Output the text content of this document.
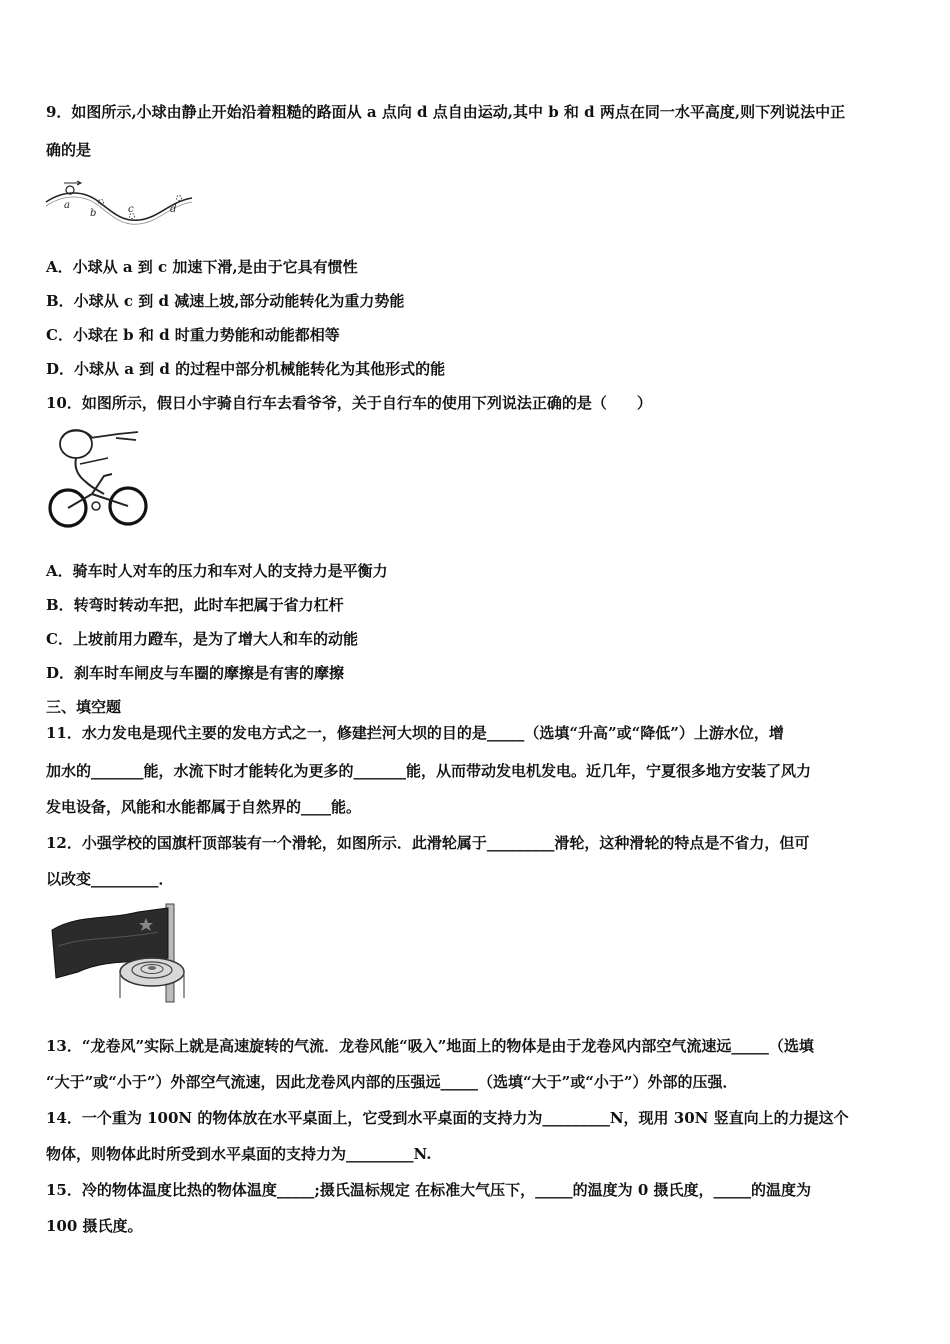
9．如图所示,小球由静止开始沿着粗糙的路面从 a 点向 d 点自由运动,其中 b 和 d 两点在同一水平高度,则下列说法中正
确的是
a
b	c	d
A．小球从 a 到 c 加速下滑,是由于它具有惯性
B．小球从 c 到 d 减速上坡,部分动能转化为重力势能
C．小球在 b 和 d 时重力势能和动能都相等
D．小球从 a 到 d 的过程中部分机械能转化为其他形式的能
10．如图所示，假日小宇骑自行车去看爷爷，关于自行车的使用下列说法正确的是（　　）
A．骑车时人对车的压力和车对人的支持力是平衡力
B．转弯时转动车把，此时车把属于省力杠杆
C．上坡前用力蹬车，是为了增大人和车的动能
D．刹车时车闸皮与车圈的摩擦是有害的摩擦
三、填空题
11．水力发电是现代主要的发电方式之一，修建拦河大坝的目的是_____（选填“升高”或“降低”）上游水位，增
加水的_______能，水流下时才能转化为更多的_______能，从而带动发电机发电。近几年，宁夏很多地方安装了风力
发电设备，风能和水能都属于自然界的____能。
12．小强学校的国旗杆顶部装有一个滑轮，如图所示．此滑轮属于_________滑轮，这种滑轮的特点是不省力，但可
以改变_________．
13．“龙卷风”实际上就是高速旋转的气流．龙卷风能“吸入”地面上的物体是由于龙卷风内部空气流速远_____（选填
“大于”或“小于”）外部空气流速，因此龙卷风内部的压强远_____（选填“大于”或“小于”）外部的压强．
14．一个重为 100N 的物体放在水平桌面上，它受到水平桌面的支持力为_________N，现用 30N 竖直向上的力提这个
物体，则物体此时所受到水平桌面的支持力为_________N.
15．冷的物体温度比热的物体温度_____;摄氏温标规定 在标准大气压下，_____的温度为 0 摄氏度，_____的温度为
100 摄氏度。
